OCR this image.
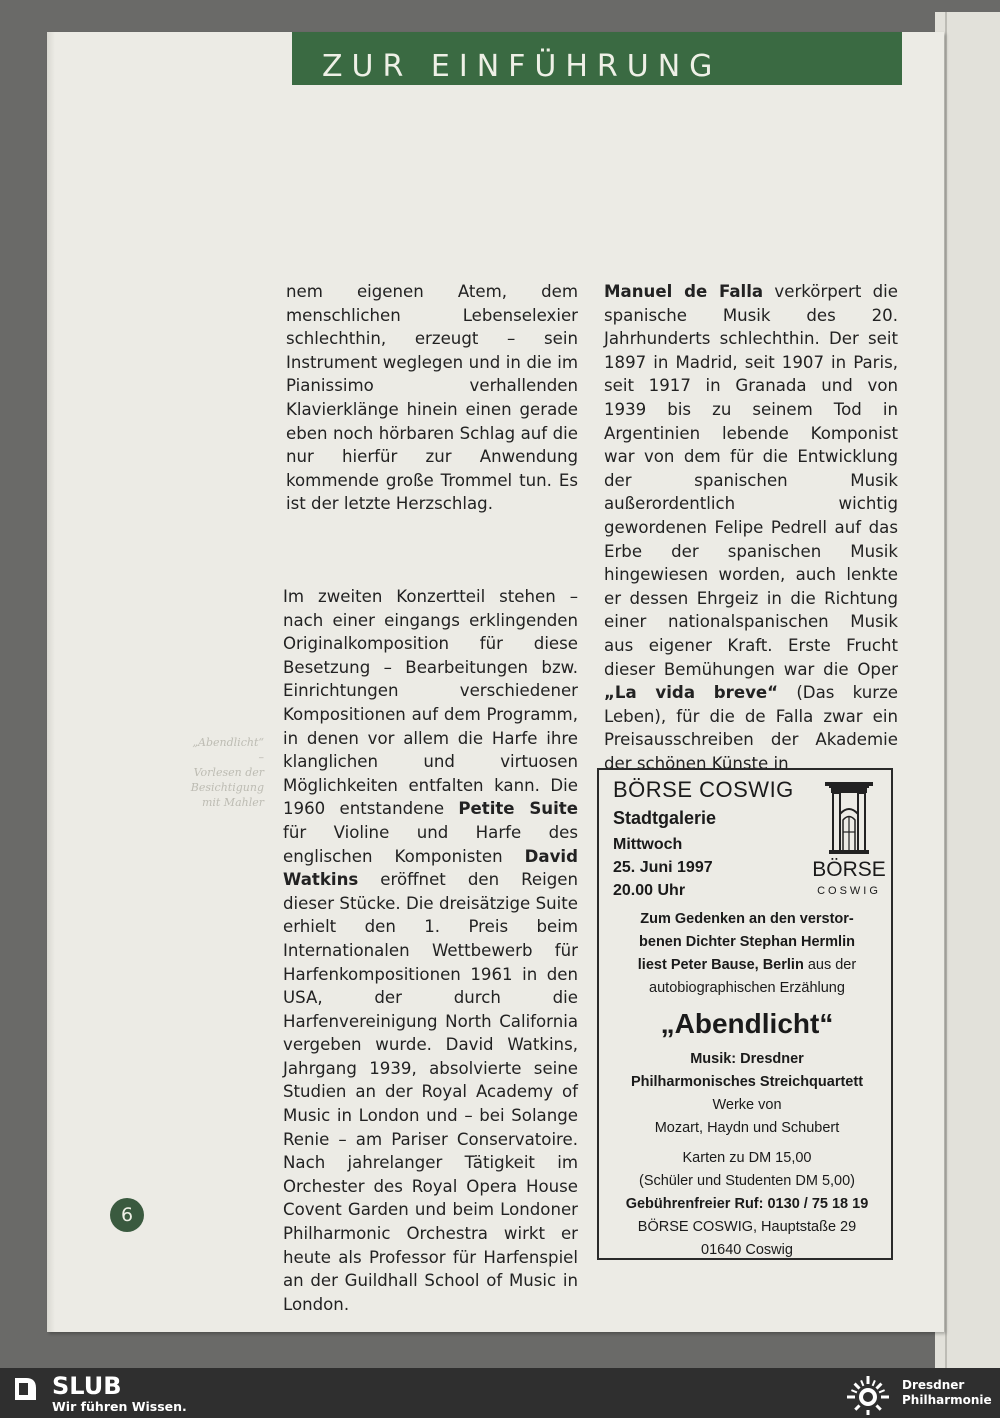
ZUR EINFÜHRUNG
„Abendlicht“ –
Vorlesen der
Besichtigung
mit Mahler

nem eigenen Atem, dem menschlichen Lebenselexier schlechthin, erzeugt – sein Instrument weglegen und in die im Pianissimo verhallenden Klavierklänge hinein einen gerade eben noch hörbaren Schlag auf die nur hierfür zur Anwendung kommende große Trommel tun. Es ist der letzte Herzschlag.

Im zweiten Konzertteil stehen – nach einer eingangs erklingenden Originalkomposition für diese Besetzung – Bearbeitungen bzw. Einrichtungen verschiedener Kompositionen auf dem Programm, in denen vor allem die Harfe ihre klanglichen und virtuosen Möglichkeiten entfalten kann. Die 1960 entstandene Petite Suite für Violine und Harfe des englischen Komponisten David Watkins eröffnet den Reigen dieser Stücke. Die dreisätzige Suite erhielt den 1. Preis beim Internationalen Wettbewerb für Harfenkompositionen 1961 in den USA, der durch die Harfenvereinigung North California vergeben wurde. David Watkins, Jahrgang 1939, absolvierte seine Studien an der Royal Academy of Music in London und – bei Solange Renie – am Pariser Conservatoire. Nach jahrelanger Tätigkeit im Orchester des Royal Opera House Covent Garden und beim Londoner Philharmonic Orchestra wirkt er heute als Professor für Harfenspiel an der Guildhall School of Music in London.

Manuel de Falla verkörpert die spanische Musik des 20. Jahrhunderts schlechthin. Der seit 1897 in Madrid, seit 1907 in Paris, seit 1917 in Granada und von 1939 bis zu seinem Tod in Argentinien lebende Komponist war von dem für die Entwicklung der spanischen Musik außerordentlich wichtig gewordenen Felipe Pedrell auf das Erbe der spanischen Musik hingewiesen worden, auch lenkte er dessen Ehrgeiz in die Richtung einer nationalspanischen Musik aus eigener Kraft. Erste Frucht dieser Bemühungen war die Oper „La vida breve“ (Das kurze Leben), für die de Falla zwar ein Preisausschreiben der Akademie der schönen Künste in

BÖRSE COSWIG
Stadtgalerie
Mittwoch
25. Juni 1997
20.00 Uhr
BÖRSE
COSWIG
Zum Gedenken an den verstor-
benen Dichter Stephan Hermlin
liest Peter Bause, Berlin aus der
autobiographischen Erzählung
„Abendlicht“
Musik: Dresdner
Philharmonisches Streichquartett
Werke von
Mozart, Haydn und Schubert
Karten zu DM 15,00
(Schüler und Studenten DM 5,00)
Gebührenfreier Ruf: 0130 / 75 18 19
BÖRSE COSWIG, Hauptstaße 29
01640 Coswig
6
SLUB
Wir führen Wissen.
Dresdner
Philharmonie
